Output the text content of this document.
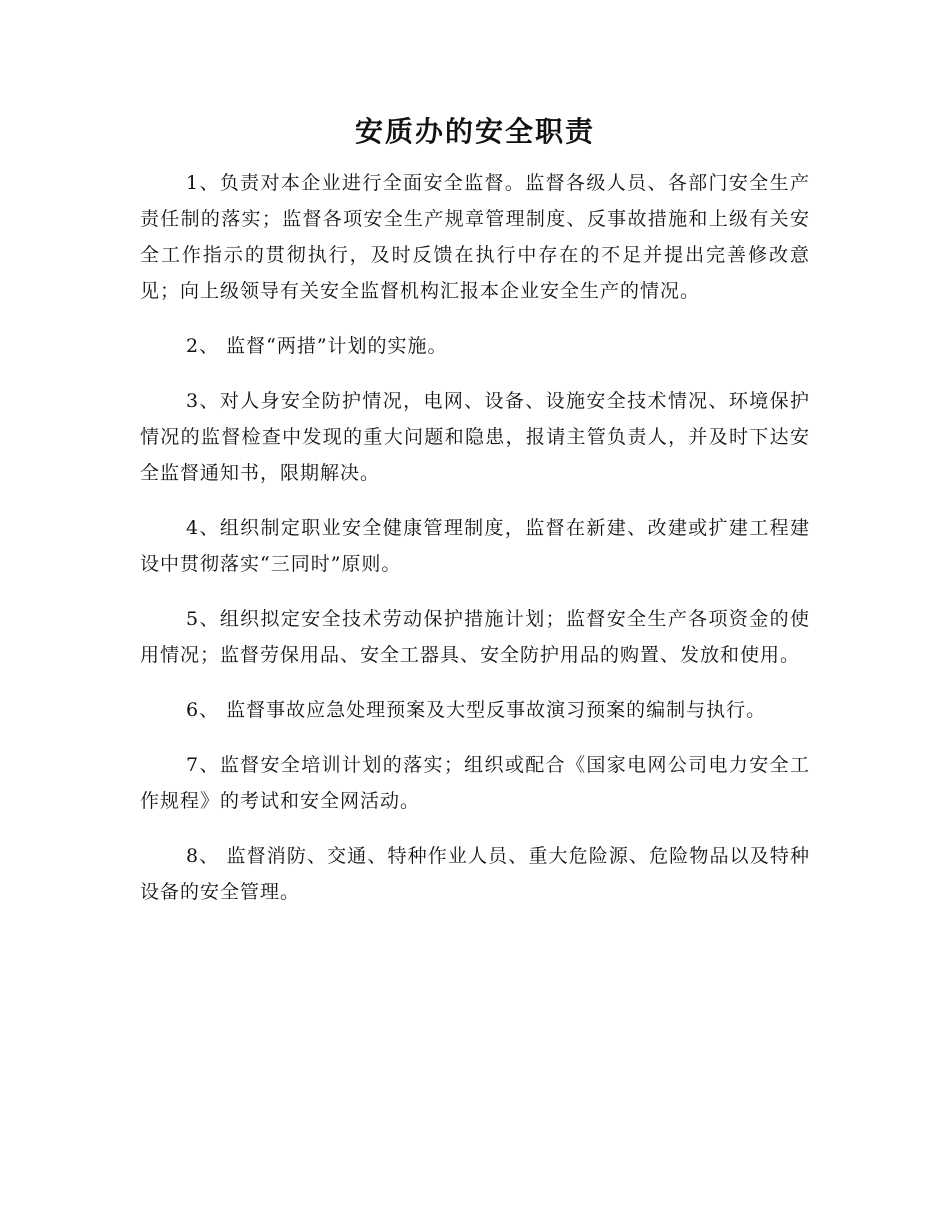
安质办的安全职责

1、负责对本企业进行全面安全监督。监督各级人员、各部门安全生产责任制的落实；监督各项安全生产规章管理制度、反事故措施和上级有关安全工作指示的贯彻执行，及时反馈在执行中存在的不足并提出完善修改意见；向上级领导有关安全监督机构汇报本企业安全生产的情况。

2、 监督“两措”计划的实施。

3、对人身安全防护情况，电网、设备、设施安全技术情况、环境保护情况的监督检查中发现的重大问题和隐患，报请主管负责人，并及时下达安全监督通知书，限期解决。

4、组织制定职业安全健康管理制度，监督在新建、改建或扩建工程建设中贯彻落实“三同时”原则。

5、组织拟定安全技术劳动保护措施计划；监督安全生产各项资金的使用情况；监督劳保用品、安全工器具、安全防护用品的购置、发放和使用。

6、 监督事故应急处理预案及大型反事故演习预案的编制与执行。

7、监督安全培训计划的落实；组织或配合《国家电网公司电力安全工作规程》的考试和安全网活动。

8、 监督消防、交通、特种作业人员、重大危险源、危险物品以及特种设备的安全管理。
